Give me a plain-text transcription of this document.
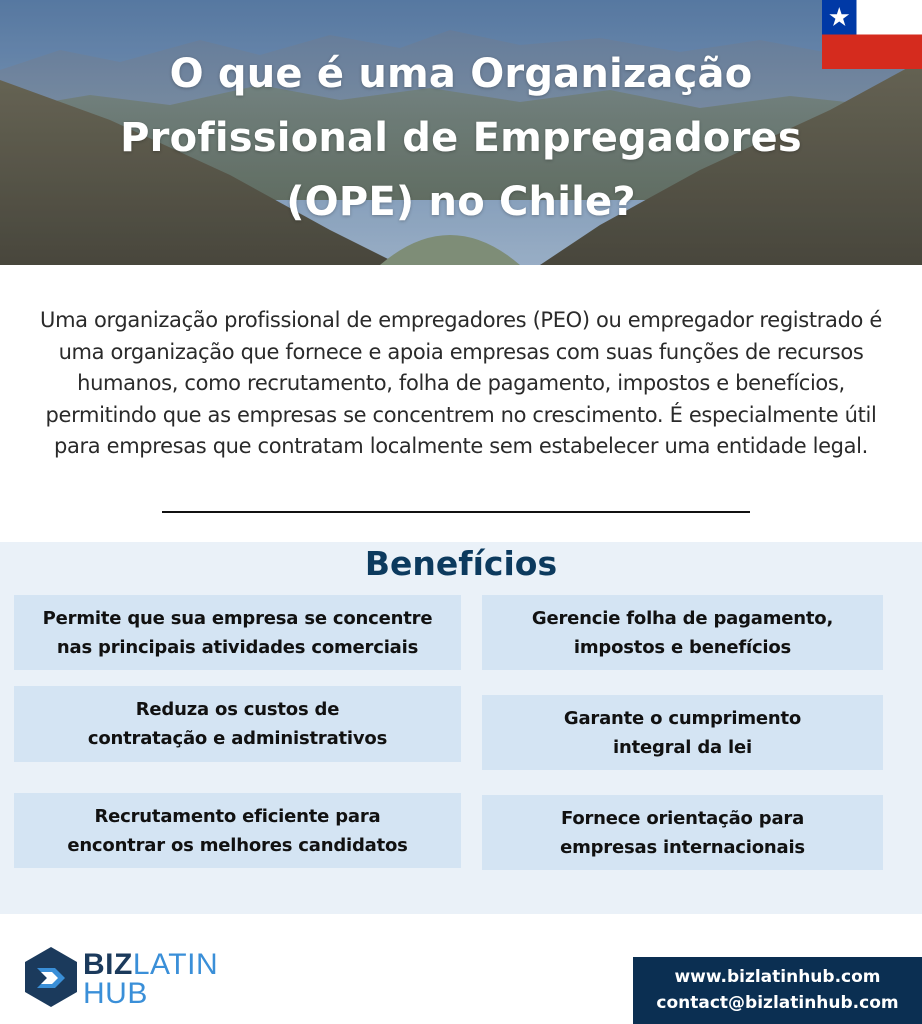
O que é uma Organização Profissional de Empregadores (OPE) no Chile?

Uma organização profissional de empregadores (PEO) ou empregador registrado é uma organização que fornece e apoia empresas com suas funções de recursos humanos, como recrutamento, folha de pagamento, impostos e benefícios, permitindo que as empresas se concentrem no crescimento. É especialmente útil para empresas que contratam localmente sem estabelecer uma entidade legal.

Benefícios
Permite que sua empresa se concentre
nas principais atividades comerciais
Reduza os custos de
contratação e administrativos
Recrutamento eficiente para
encontrar os melhores candidatos
Gerencie folha de pagamento,
impostos e benefícios
Garante o cumprimento
integral da lei
Fornece orientação para
empresas internacionais
BIZLATIN
HUB	www.bizlatinhub.com
contact@bizlatinhub.com
